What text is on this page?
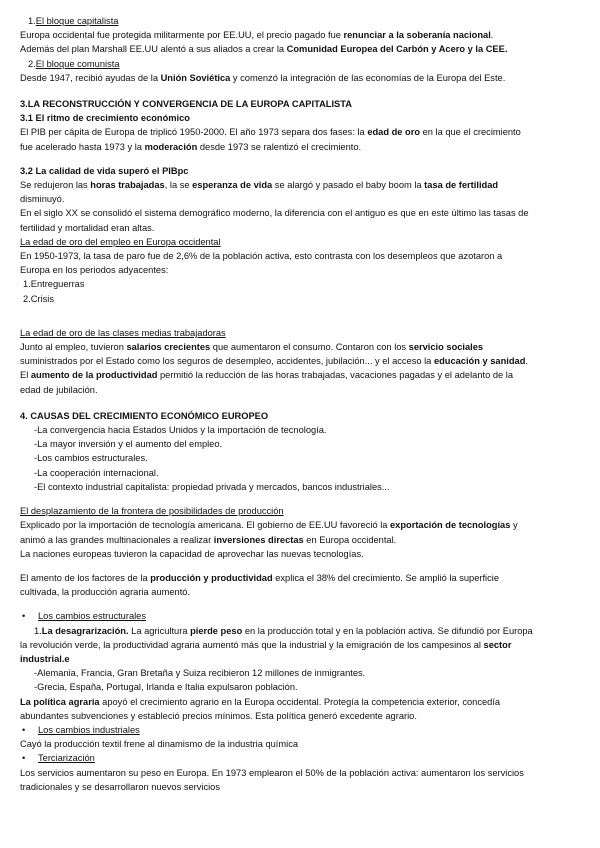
1.El bloque capitalista
Europa occidental fue protegida militarmente por EE.UU, el precio pagado fue renunciar a la soberanía nacional.
Además del plan Marshall EE.UU alentó a sus aliados a crear la Comunidad Europea del Carbón y Acero y la CEE.
2.El bloque comunista
Desde 1947, recibió ayudas de la Unión Soviética y comenzó la integración de las economías de la Europa del Este.
3.LA RECONSTRUCCIÓN Y CONVERGENCIA DE LA EUROPA CAPITALISTA
3.1 El ritmo de crecimiento económico
El PIB per cápita de Europa de triplicó 1950-2000. El año 1973 separa dos fases: la edad de oro en la que el crecimiento
fue acelerado hasta 1973 y la moderación desde 1973 se ralentizó el crecimiento.
3.2 La calidad de vida superó el PIBpc
Se redujeron las horas trabajadas, la se esperanza de vida se alargó y pasado el baby boom la tasa de fertilidad
disminuyó.
En el siglo XX se consolidó el sistema demográfico moderno, la diferencia con el antiguo es que en este último las tasas de
fertilidad y mortalidad eran altas.
La edad de oro del empleo en Europa occidental
En 1950-1973, la tasa de paro fue de 2,6% de la población activa, esto contrasta con los desempleos que azotaron a
Europa en los periodos adyacentes:
1.Entreguerras
2.Crisis
La edad de oro de las clases medias trabajadoras
Junto al empleo, tuvieron salarios crecientes que aumentaron el consumo. Contaron con los servicio sociales
suministrados por el Estado como los seguros de desempleo, accidentes, jubilación... y el acceso la educación y sanidad.
El aumento de la productividad permitió la reducción de las horas trabajadas, vacaciones pagadas y el adelanto de la
edad de jubilación.
4. CAUSAS DEL CRECIMIENTO ECONÓMICO EUROPEO
-La convergencia hacia Estados Unidos y la importación de tecnología.
-La mayor inversión y el aumento del empleo.
-Los cambios estructurales.
-La cooperación internacional.
-El contexto industrial capitalista: propiedad privada y mercados, bancos industriales...
El desplazamiento de la frontera de posibilidades de producción
Explicado por la importación de tecnología americana. El gobierno de EE.UU favoreció la exportación de tecnologías y
animó a las grandes multinacionales a realizar inversiones directas en Europa occidental.
La naciones europeas tuvieron la capacidad de aprovechar las nuevas tecnologías.
El amento de los factores de la producción y productividad explica el 38% del crecimiento. Se amplió la superficie
cultivada, la producción agraria aumentó.
• Los cambios estructurales
1.La desagrarización. La agricultura pierde peso en la producción total y en la población activa. Se difundió por Europa
la revolución verde, la productividad agraria aumentó más que la industrial y la emigración de los campesinos al sector
industrial.e
-Alemania, Francia, Gran Bretaña y Suiza recibieron 12 millones de inmigrantes.
-Grecia, España, Portugal, Irlanda e Italia expulsaron población.
La política agraria apoyó el crecimiento agrario en la Europa occidental. Protegía la competencia exterior, concedía
abundantes subvenciones y estableció precios mínimos. Esta política generó excedente agrario.
• Los cambios industriales
Cayó la producción textil frene al dinamismo de la industria química
• Terciarización
Los servicios aumentaron su peso en Europa. En 1973 emplearon el 50% de la población activa: aumentaron los servicios
tradicionales y se desarrollaron nuevos servicios
